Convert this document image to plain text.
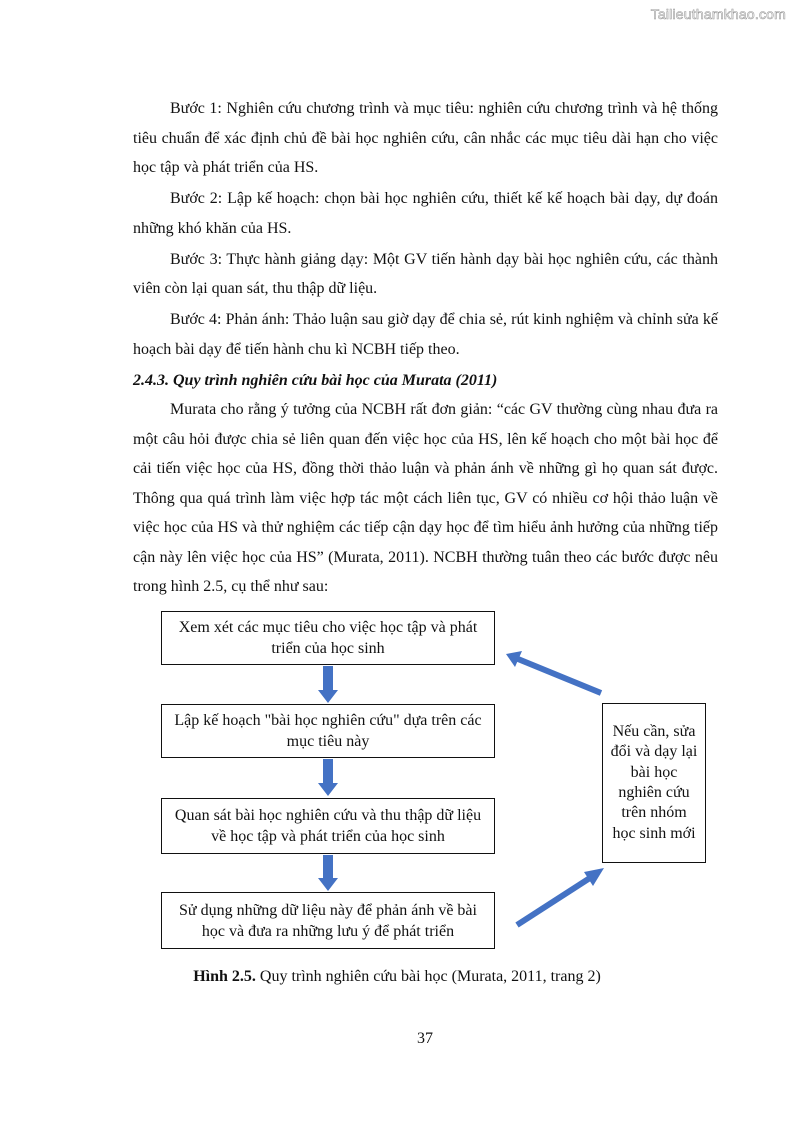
Tailieuthamkhao.com

Bước 1: Nghiên cứu chương trình và mục tiêu: nghiên cứu chương trình và hệ thống tiêu chuẩn để xác định chủ đề bài học nghiên cứu, cân nhắc các mục tiêu dài hạn cho việc học tập và phát triển của HS.

Bước 2: Lập kế hoạch: chọn bài học nghiên cứu, thiết kế kế hoạch bài dạy, dự đoán những khó khăn của HS.

Bước 3: Thực hành giảng dạy: Một GV tiến hành dạy bài học nghiên cứu, các thành viên còn lại quan sát, thu thập dữ liệu.

Bước 4: Phản ánh: Thảo luận sau giờ dạy để chia sẻ, rút kinh nghiệm và chỉnh sửa kế hoạch bài dạy để tiến hành chu kì NCBH tiếp theo.

2.4.3. Quy trình nghiên cứu bài học của Murata (2011)

Murata cho rằng ý tưởng của NCBH rất đơn giản: “các GV thường cùng nhau đưa ra một câu hỏi được chia sẻ liên quan đến việc học của HS, lên kế hoạch cho một bài học để cải tiến việc học của HS, đồng thời thảo luận và phản ánh về những gì họ quan sát được. Thông qua quá trình làm việc hợp tác một cách liên tục, GV có nhiều cơ hội thảo luận về việc học của HS và thử nghiệm các tiếp cận dạy học để tìm hiểu ảnh hưởng của những tiếp cận này lên việc học của HS” (Murata, 2011). NCBH thường tuân theo các bước được nêu trong hình 2.5, cụ thể như sau:

Xem xét các mục tiêu cho việc học tập và phát triển của học sinh
Lập kế hoạch "bài học nghiên cứu" dựa trên các mục tiêu này
Quan sát bài học nghiên cứu và thu thập dữ liệu về học tập và phát triển của học sinh
Sử dụng những dữ liệu này để phản ánh về bài học và đưa ra những lưu ý để phát triển
Nếu cần, sửa đổi và dạy lại bài học nghiên cứu trên nhóm học sinh mới
Hình 2.5. Quy trình nghiên cứu bài học (Murata, 2011, trang 2)
37
